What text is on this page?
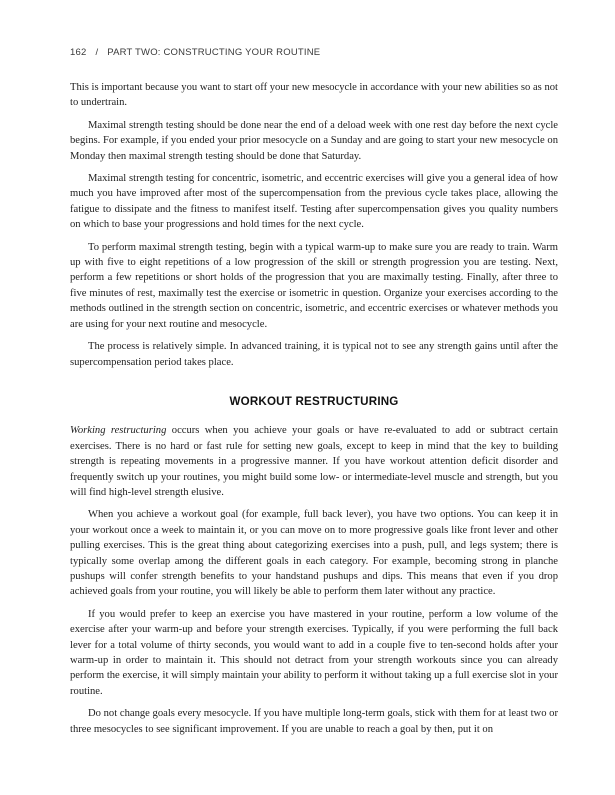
162 / PART TWO: CONSTRUCTING YOUR ROUTINE

This is important because you want to start off your new mesocycle in accordance with your new abilities so as not to undertrain.

Maximal strength testing should be done near the end of a deload week with one rest day before the next cycle begins. For example, if you ended your prior mesocycle on a Sunday and are going to start your new mesocycle on Monday then maximal strength testing should be done that Saturday.

Maximal strength testing for concentric, isometric, and eccentric exercises will give you a general idea of how much you have improved after most of the supercompensation from the previous cycle takes place, allowing the fatigue to dissipate and the fitness to manifest itself. Testing after supercompensation gives you quality numbers on which to base your progressions and hold times for the next cycle.

To perform maximal strength testing, begin with a typical warm-up to make sure you are ready to train. Warm up with five to eight repetitions of a low progression of the skill or strength progression you are testing. Next, perform a few repetitions or short holds of the progression that you are maximally testing. Finally, after three to five minutes of rest, maximally test the exercise or isometric in question. Organize your exercises according to the methods outlined in the strength section on concentric, isometric, and eccentric exercises or whatever methods you are using for your next routine and mesocycle.

The process is relatively simple. In advanced training, it is typical not to see any strength gains until after the supercompensation period takes place.

WORKOUT RESTRUCTURING

Working restructuring occurs when you achieve your goals or have re-evaluated to add or subtract certain exercises. There is no hard or fast rule for setting new goals, except to keep in mind that the key to building strength is repeating movements in a progressive manner. If you have workout attention deficit disorder and frequently switch up your routines, you might build some low- or intermediate-level muscle and strength, but you will find high-level strength elusive.

When you achieve a workout goal (for example, full back lever), you have two options. You can keep it in your workout once a week to maintain it, or you can move on to more progressive goals like front lever and other pulling exercises. This is the great thing about categorizing exercises into a push, pull, and legs system; there is typically some overlap among the different goals in each category. For example, becoming strong in planche pushups will confer strength benefits to your handstand pushups and dips. This means that even if you drop achieved goals from your routine, you will likely be able to perform them later without any practice.

If you would prefer to keep an exercise you have mastered in your routine, perform a low volume of the exercise after your warm-up and before your strength exercises. Typically, if you were performing the full back lever for a total volume of thirty seconds, you would want to add in a couple five to ten-second holds after your warm-up in order to maintain it. This should not detract from your strength workouts since you can already perform the exercise, it will simply maintain your ability to perform it without taking up a full exercise slot in your routine.

Do not change goals every mesocycle. If you have multiple long-term goals, stick with them for at least two or three mesocycles to see significant improvement. If you are unable to reach a goal by then, put it on
